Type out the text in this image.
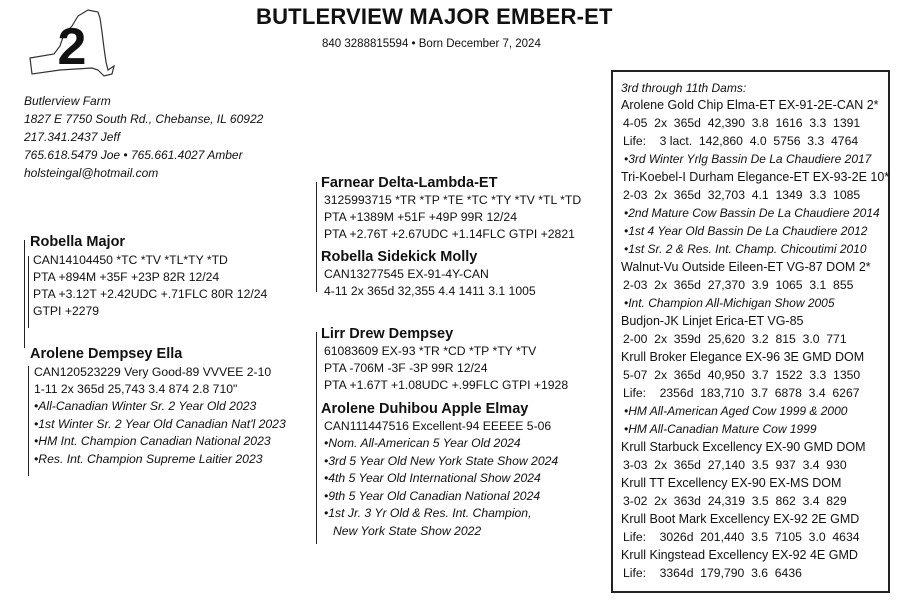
2
BUTLERVIEW MAJOR EMBER-ET
840 3288815594 • Born December 7, 2024
Butlerview Farm
1827 E 7750 South Rd., Chebanse, IL 60922
217.341.2437 Jeff
765.618.5479 Joe • 765.661.4027 Amber
holsteingal@hotmail.com
Robella Major
CAN14104450 *TC *TV *TL*TY *TD
PTA +894M +35F +23P 82R 12/24
PTA +3.12T +2.42UDC +.71FLC 80R 12/24
GTPI +2279
Arolene Dempsey Ella
CAN120523229 Very Good-89 VVVEE 2-10
1-11 2x 365d 25,743 3.4 874 2.8 710"
•All-Canadian Winter Sr. 2 Year Old 2023
•1st Winter Sr. 2 Year Old Canadian Nat'l 2023
•HM Int. Champion Canadian National 2023
•Res. Int. Champion Supreme Laitier 2023
Farnear Delta-Lambda-ET
3125993715 *TR *TP *TE *TC *TY *TV *TL *TD
PTA +1389M +51F +49P 99R 12/24
PTA +2.76T +2.67UDC +1.14FLC GTPI +2821
Robella Sidekick Molly
CAN13277545 EX-91-4Y-CAN
4-11 2x 365d 32,355 4.4 1411 3.1 1005
Lirr Drew Dempsey
61083609 EX-93 *TR *CD *TP *TY *TV
PTA -706M -3F -3P 99R 12/24
PTA +1.67T +1.08UDC +.99FLC GTPI +1928
Arolene Duhibou Apple Elmay
CAN111447516 Excellent-94 EEEEE 5-06
•Nom. All-American 5 Year Old 2024
•3rd 5 Year Old New York State Show 2024
•4th 5 Year Old International Show 2024
•9th 5 Year Old Canadian National 2024
•1st Jr. 3 Yr Old & Res. Int. Champion,
New York State Show 2022
3rd through 11th Dams:
Arolene Gold Chip Elma-ET EX-91-2E-CAN 2*
4-05  2x  365d  42,390  3.8  1616  3.3  1391
Life:    3 lact.  142,860  4.0  5756  3.3  4764
•3rd Winter Yrlg Bassin De La Chaudiere 2017
Tri-Koebel-I Durham Elegance-ET EX-93-2E 10*
2-03  2x  365d  32,703  4.1  1349  3.3  1085
•2nd Mature Cow Bassin De La Chaudiere 2014
•1st 4 Year Old Bassin De La Chaudiere 2012
•1st Sr. 2 & Res. Int. Champ. Chicoutimi 2010
Walnut-Vu Outside Eileen-ET VG-87 DOM 2*
2-03  2x  365d  27,370  3.9  1065  3.1  855
•Int. Champion All-Michigan Show 2005
Budjon-JK Linjet Erica-ET VG-85
2-00  2x  359d  25,620  3.2  815  3.0  771
Krull Broker Elegance EX-96 3E GMD DOM
5-07  2x  365d  40,950  3.7  1522  3.3  1350
Life:    2356d  183,710  3.7  6878  3.4  6267
•HM All-American Aged Cow 1999 & 2000
•HM All-Canadian Mature Cow 1999
Krull Starbuck Excellency EX-90 GMD DOM
3-03  2x  365d  27,140  3.5  937  3.4  930
Krull TT Excellency EX-90 EX-MS DOM
3-02  2x  363d  24,319  3.5  862  3.4  829
Krull Boot Mark Excellency EX-92 2E GMD
Life:    3026d  201,440  3.5  7105  3.0  4634
Krull Kingstead Excellency EX-92 4E GMD
Life:    3364d  179,790  3.6  6436
